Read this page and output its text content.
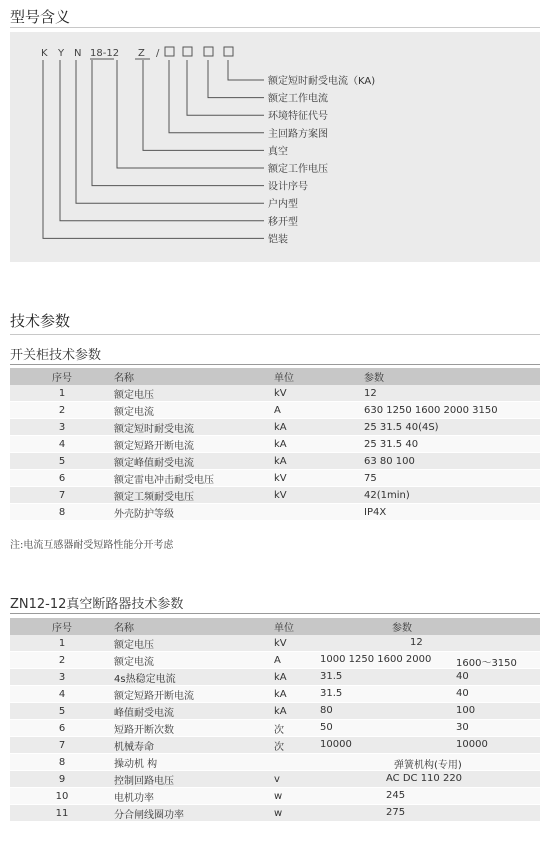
型号含义
K Y N 18-12 Z /
额定短时耐受电流（KA)
额定工作电流
环境特征代号
主回路方案图
真空
额定工作电压
设计序号
户内型
移开型
铠装
技术参数
开关柜技术参数
序号	名称	单位	参数
1	额定电压	kV	12
2	额定电流	A	630 1250 1600 2000 3150
3	额定短时耐受电流	kA	25 31.5 40(4S)
4	额定短路开断电流	kA	25 31.5 40
5	额定峰值耐受电流	kA	63 80 100
6	额定雷电冲击耐受电压	kV	75
7	额定工频耐受电压	kV	42(1min)
8	外壳防护等级		IP4X
注:电流互感器耐受短路性能分开考虑
ZN12-12真空断路器技术参数
序号	名称	单位	参数
1	额定电压	kV	12

2	额定电流	A	1000 1250 1600 2000 1600～3150

3	4s热稳定电流	kA	31.5 40

4	额定短路开断电流	kA	31.5 40

5	峰值耐受电流	kA	80 100

6	短路开断次数	次	50 30

7	机械寿命	次	10000 10000

8	操动机 构		弹簧机构(专用)

9	控制回路电压	v	AC DC 110 220

10	电机功率	w	245

11	分合闸线圈功率	w	275
